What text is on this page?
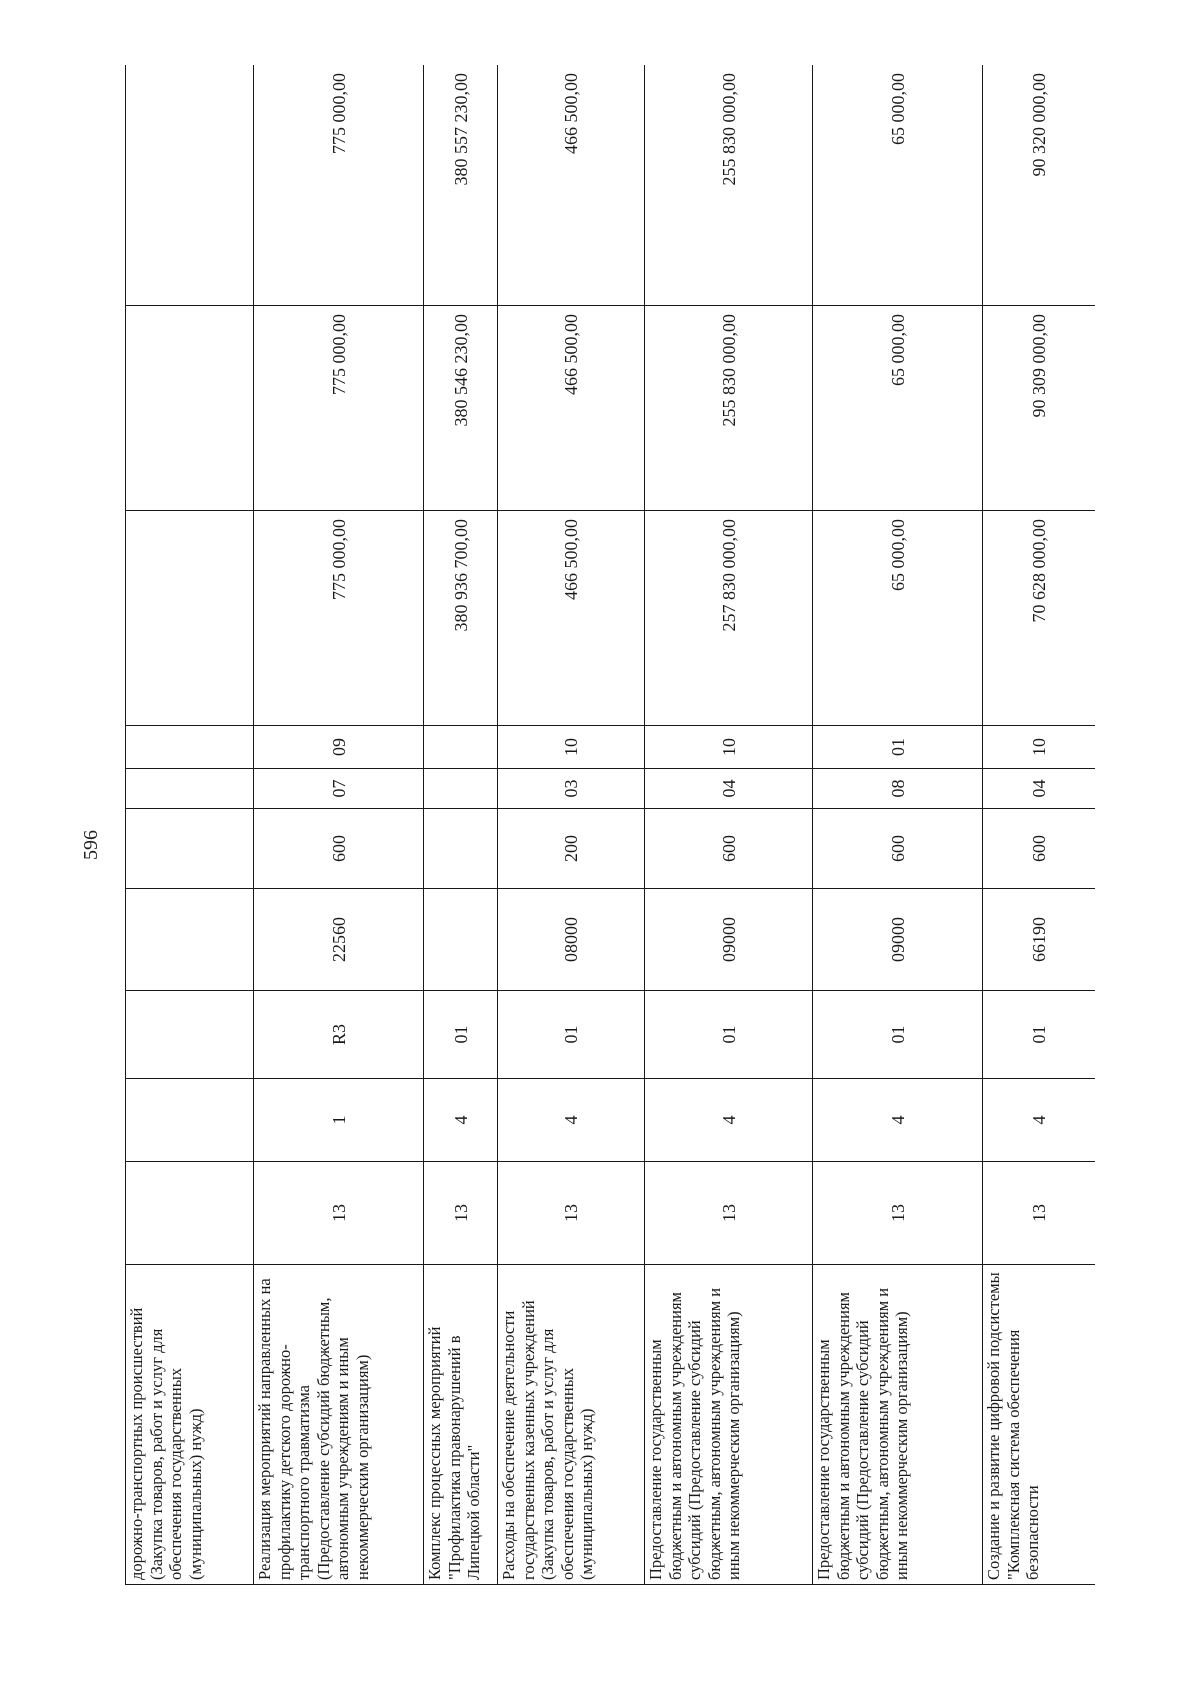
596
дорожно-транспортных происшествий (Закупка товаров, работ и услуг для обеспечения государственных (муниципальных) нужд)										
Реализация мероприятий направленных на профилактику детского дорожно-транспортного травматизма (Предоставление субсидий бюджетным, автономным учреждениям и иным некоммерческим организациям)	13	1	R3	22560	600	07	09	775 000,00	775 000,00	775 000,00
Комплекс процессных мероприятий "Профилактика правонарушений в Липецкой области"	13	4	01					380 936 700,00	380 546 230,00	380 557 230,00
Расходы на обеспечение деятельности государственных казенных учреждений (Закупка товаров, работ и услуг для обеспечения государственных (муниципальных) нужд)	13	4	01	08000	200	03	10	466 500,00	466 500,00	466 500,00
Предоставление государственным бюджетным и автономным учреждениям субсидий (Предоставление субсидий бюджетным, автономным учреждениям и иным некоммерческим организациям)	13	4	01	09000	600	04	10	257 830 000,00	255 830 000,00	255 830 000,00
Предоставление государственным бюджетным и автономным учреждениям субсидий (Предоставление субсидий бюджетным, автономным учреждениям и иным некоммерческим организациям)	13	4	01	09000	600	08	01	65 000,00	65 000,00	65 000,00
Создание и развитие цифровой подсистемы "Комплексная система обеспечения безопасности	13	4	01	66190	600	04	10	70 628 000,00	90 309 000,00	90 320 000,00
